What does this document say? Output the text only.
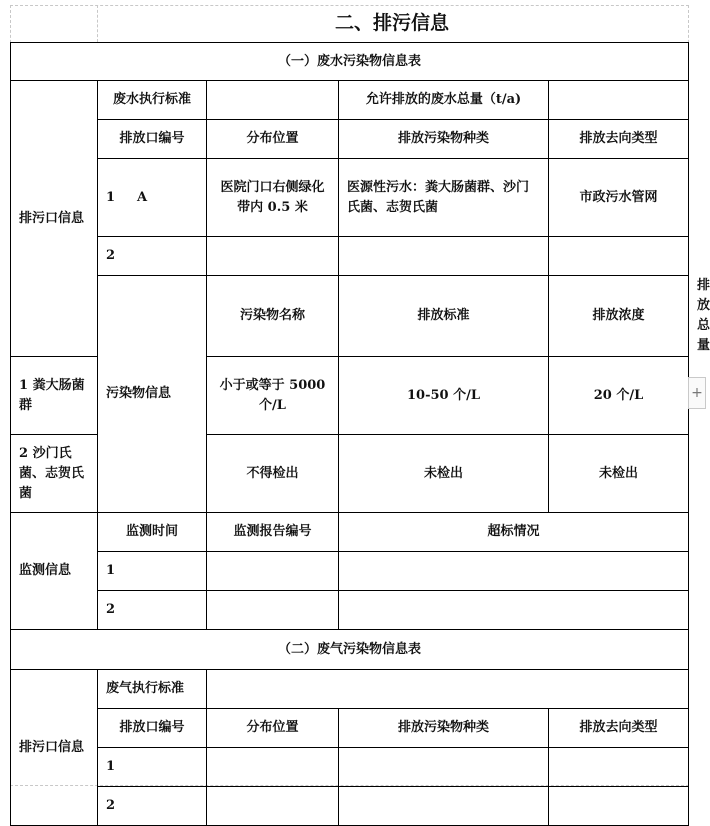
二、排污信息
（一）废水污染物信息表					
排污口信息	废水执行标准		允许排放的废水总量（t/a)		
	排放口编号	分布位置	排放污染物种类	排放去向类型	
	1 A	医院门口右侧绿化带内 0.5 米	医源性污水：粪大肠菌群、沙门氏菌、志贺氏菌	市政污水管网	
	2				
	污染物信息	污染物名称	排放标准	排放浓度	排放总量
1 粪大肠菌群		小于或等于 5000 个/L	10-50 个/L	20 个/L	
2 沙门氏菌、志贺氏菌		不得检出	未检出	未检出	
监测信息	监测时间	监测报告编号	超标情况		
	1				
	2				
（二）废气污染物信息表					
排污口信息	废气执行标准				
	排放口编号	分布位置	排放污染物种类	排放去向类型	
	1				
	2				
+
